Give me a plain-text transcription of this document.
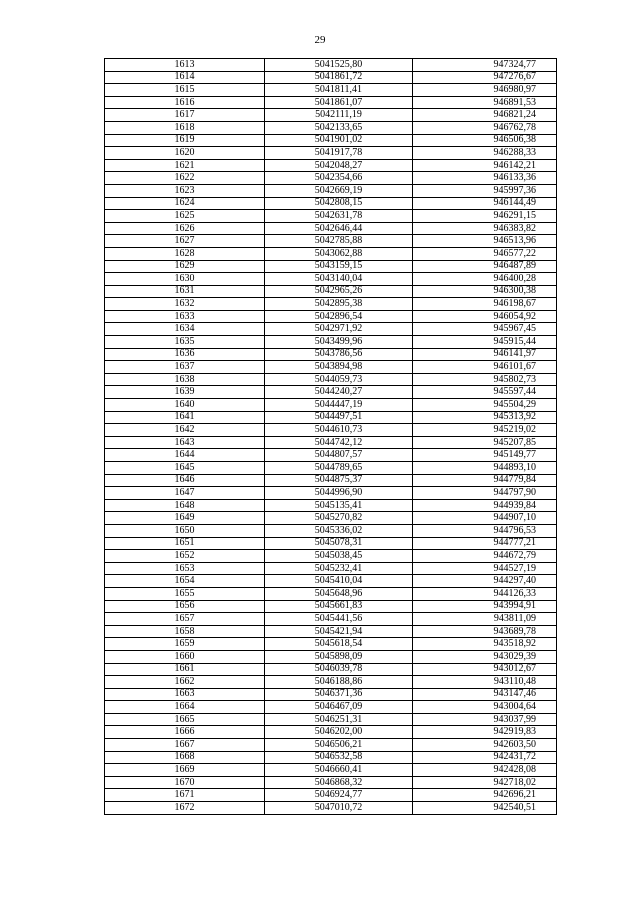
29
1613	5041525,80	947324,77
1614	5041861,72	947276,67
1615	5041811,41	946980,97
1616	5041861,07	946891,53
1617	5042111,19	946821,24
1618	5042133,65	946762,78
1619	5041901,02	946506,38
1620	5041917,78	946288,33
1621	5042048,27	946142,21
1622	5042354,66	946133,36
1623	5042669,19	945997,36
1624	5042808,15	946144,49
1625	5042631,78	946291,15
1626	5042646,44	946383,82
1627	5042785,88	946513,96
1628	5043062,88	946577,22
1629	5043159,15	946487,89
1630	5043140,04	946400,28
1631	5042965,26	946300,38
1632	5042895,38	946198,67
1633	5042896,54	946054,92
1634	5042971,92	945967,45
1635	5043499,96	945915,44
1636	5043786,56	946141,97
1637	5043894,98	946101,67
1638	5044059,73	945802,73
1639	5044240,27	945597,44
1640	5044447,19	945504,29
1641	5044497,51	945313,92
1642	5044610,73	945219,02
1643	5044742,12	945207,85
1644	5044807,57	945149,77
1645	5044789,65	944893,10
1646	5044875,37	944779,84
1647	5044996,90	944797,90
1648	5045135,41	944939,84
1649	5045270,82	944907,10
1650	5045336,02	944796,53
1651	5045078,31	944777,21
1652	5045038,45	944672,79
1653	5045232,41	944527,19
1654	5045410,04	944297,40
1655	5045648,96	944126,33
1656	5045661,83	943994,91
1657	5045441,56	943811,09
1658	5045421,94	943689,78
1659	5045618,54	943518,92
1660	5045898,09	943029,39
1661	5046039,78	943012,67
1662	5046188,86	943110,48
1663	5046371,36	943147,46
1664	5046467,09	943004,64
1665	5046251,31	943037,99
1666	5046202,00	942919,83
1667	5046506,21	942603,50
1668	5046532,58	942431,72
1669	5046660,41	942428,08
1670	5046868,32	942718,02
1671	5046924,77	942696,21
1672	5047010,72	942540,51
